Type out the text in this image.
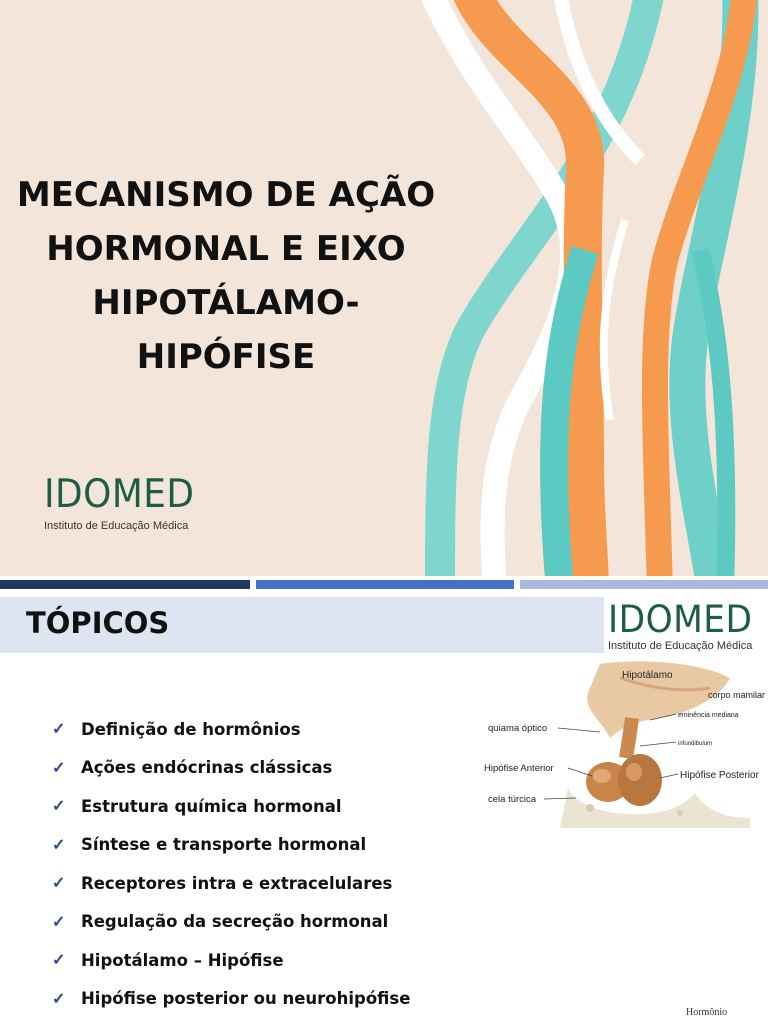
MECANISMO DE AÇÃO
HORMONAL E EIXO
HIPOTÁLAMO-
HIPÓFISE
IDOMED
Instituto de Educação Médica
TÓPICOS	IDOMED
Instituto de Educação Médica
✓ Definição de hormônios
✓ Ações endócrinas clássicas
✓ Estrutura química hormonal
✓ Síntese e transporte hormonal
✓ Receptores intra e extracelulares
✓ Regulação da secreção hormonal
✓ Hipotálamo – Hipófise
✓ Hipófise posterior ou neurohipófise
Hipotálamo
corpo mamilar
eminência mediana
quiama óptico
infundibulum
Hipófise Anterior
Hipófise Posterior
cela túrcica
Hormônio
